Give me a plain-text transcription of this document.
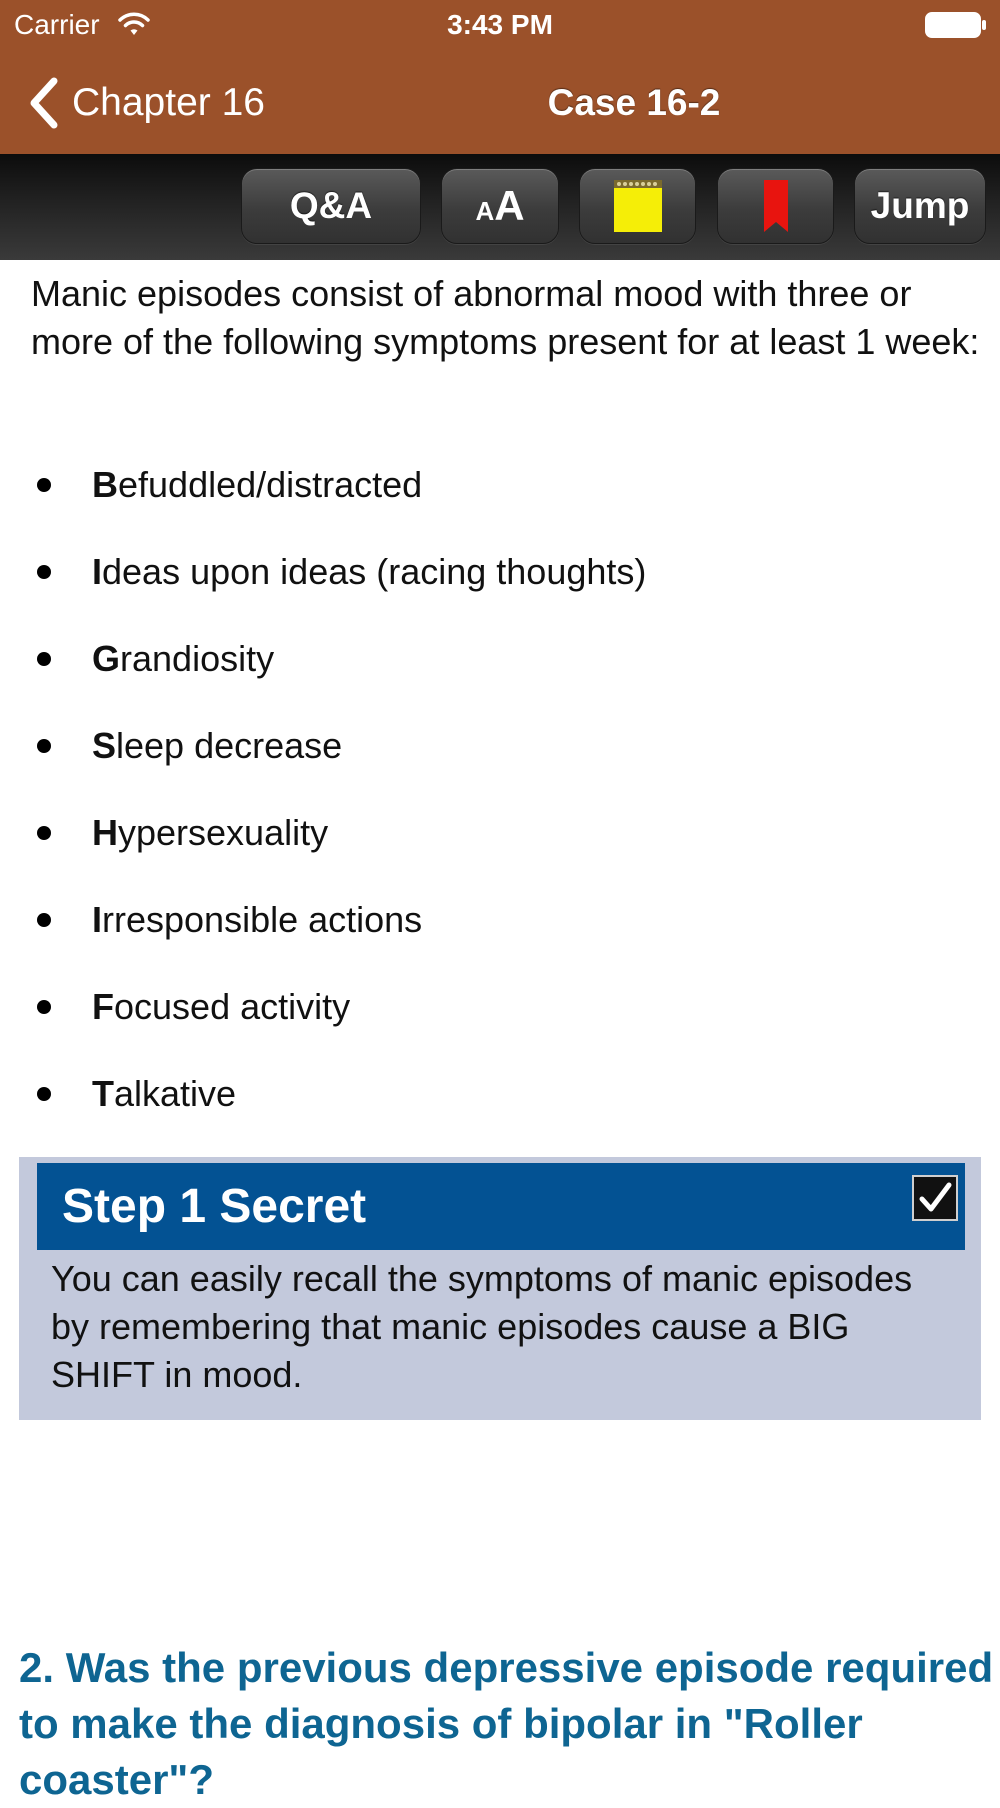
Carrier	3:43 PM
Chapter 16	Case 16-2
Q&A	A A	Jump

Manic episodes consist of abnormal mood with three or more of the following symptoms present for at least 1 week:

Befuddled/distracted
Ideas upon ideas (racing thoughts)
Grandiosity
Sleep decrease
Hypersexuality
Irresponsible actions
Focused activity
Talkative
Step 1 Secret

You can easily recall the symptoms of manic episodes by remembering that manic episodes cause a BIG SHIFT in mood.

2. Was the previous depressive episode required to make the diagnosis of bipolar in "Roller coaster"?
